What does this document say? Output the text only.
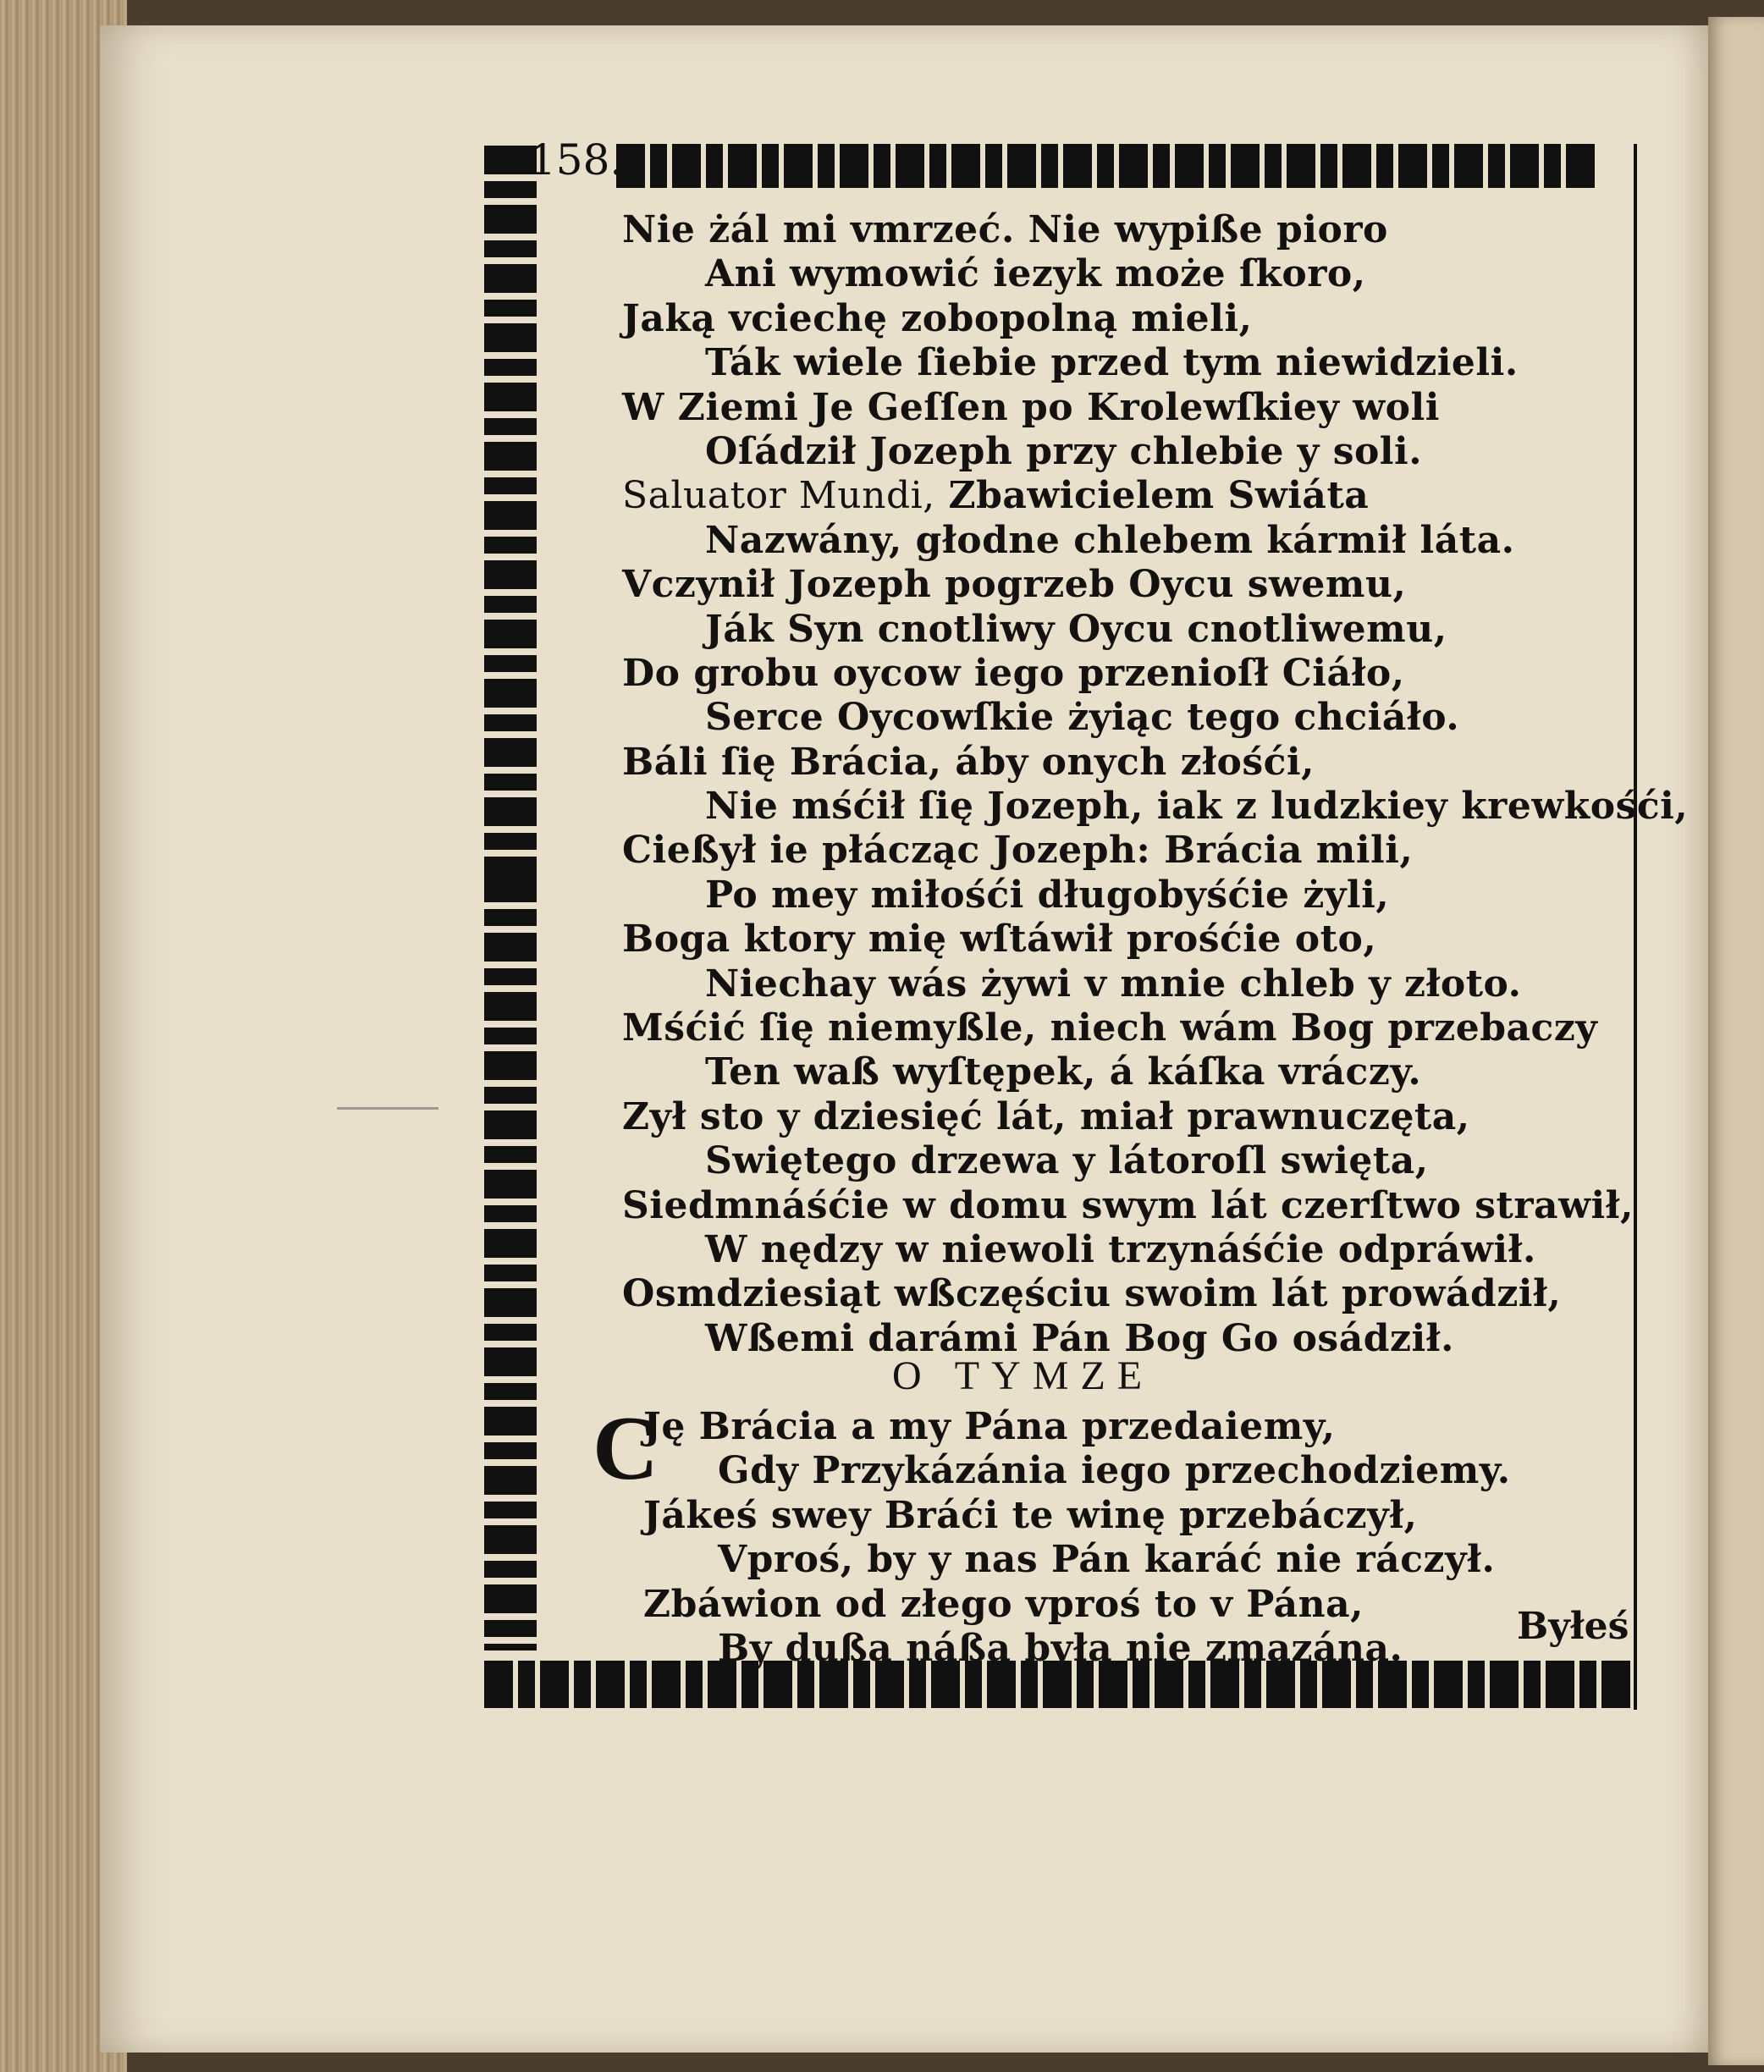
158.
Nie żál mi vmrzeć. Nie wypiße pioro
Ani wymowić iezyk może ſkoro,
Jaką vciechę zobopolną mieli,
Ták wiele ſiebie przed tym niewidzieli.
W Ziemi Je Geſſen po Krolewſkiey woli
Oſádził Jozeph przy chlebie y soli.
Saluator Mundi, Zbawicielem Swiáta
Nazwány, głodne chlebem kármił láta.
Vczynił Jozeph pogrzeb Oycu swemu,
Ják Syn cnotliwy Oycu cnotliwemu,
Do grobu oycow iego przenioſł Ciáło,
Serce Oycowſkie żyiąc tego chciáło.
Báli ſię Brácia, áby onych złośći,
Nie mśćił ſię Jozeph, iak z ludzkiey krewkośći,
Cießył ie płácząc Jozeph: Brácia mili,
Po mey miłośći długobyśćie żyli,
Boga ktory mię wſtáwił prośćie oto,
Niechay wás żywi v mnie chleb y złoto.
Mśćić ſię niemyßle, niech wám Bog przebaczy
Ten waß wyſtępek, á káſka vráczy.
Zył sto y dziesięć lát, miał prawnuczęta,
Swiętego drzewa y látoroſl swięta,
Siedmnáśćie w domu swym lát czerſtwo strawił,
W nędzy w niewoli trzynáśćie odpráwił.
Osmdziesiąt wßczęściu swoim lát prowádził,
Wßemi darámi Pán Bog Go osádził.
O TYMZE
C
Ję Brácia a my Pána przedaiemy,
Gdy Przykázánia iego przechodziemy.
Jákeś swey Bráći te winę przebáczył,
Vproś, by y nas Pán karáć nie ráczył.
Zbáwion od złego vproś to v Pána,
By dußa náßa była nie zmazána.
Byłeś
